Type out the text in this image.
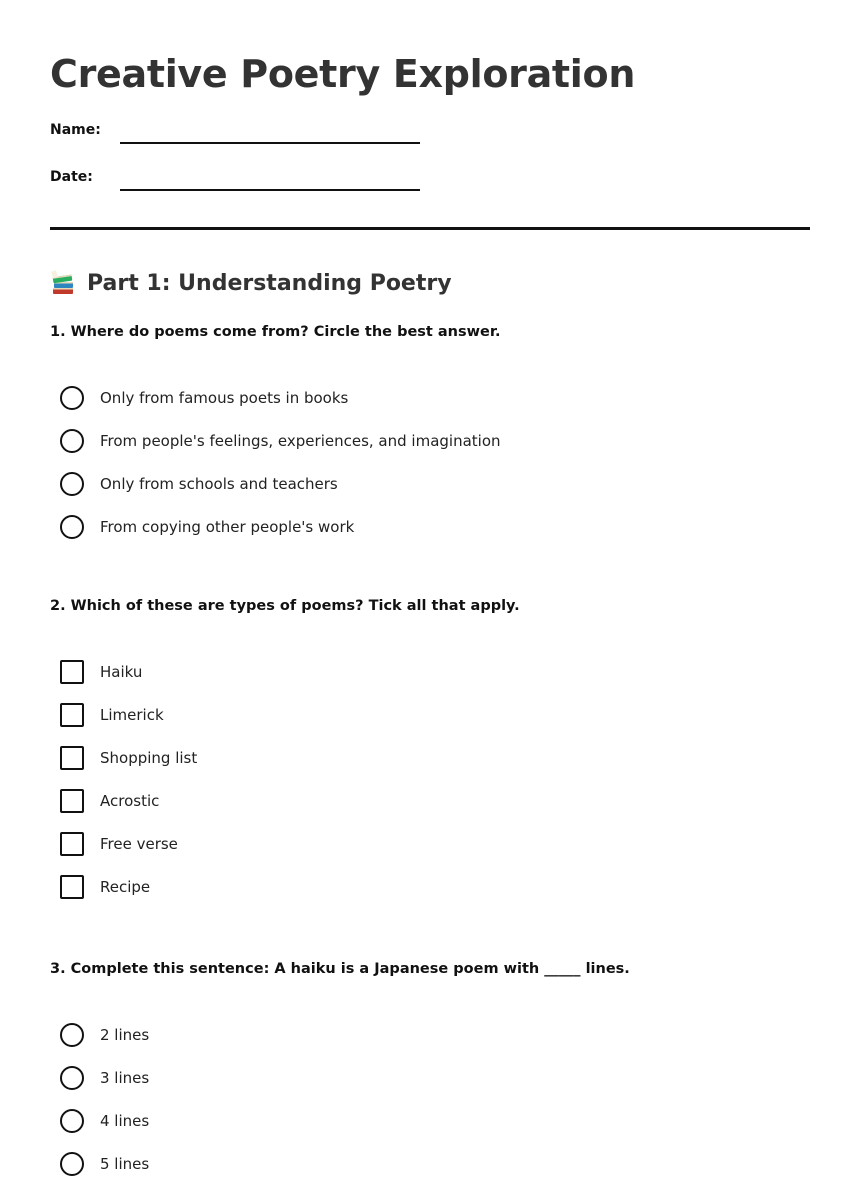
Creative Poetry Exploration
Name:
Date:
Part 1: Understanding Poetry

1. Where do poems come from? Circle the best answer.

Only from famous poets in books
From people's feelings, experiences, and imagination
Only from schools and teachers
From copying other people's work

2. Which of these are types of poems? Tick all that apply.

Haiku
Limerick
Shopping list
Acrostic
Free verse
Recipe

3. Complete this sentence: A haiku is a Japanese poem with _____ lines.

2 lines
3 lines
4 lines
5 lines
